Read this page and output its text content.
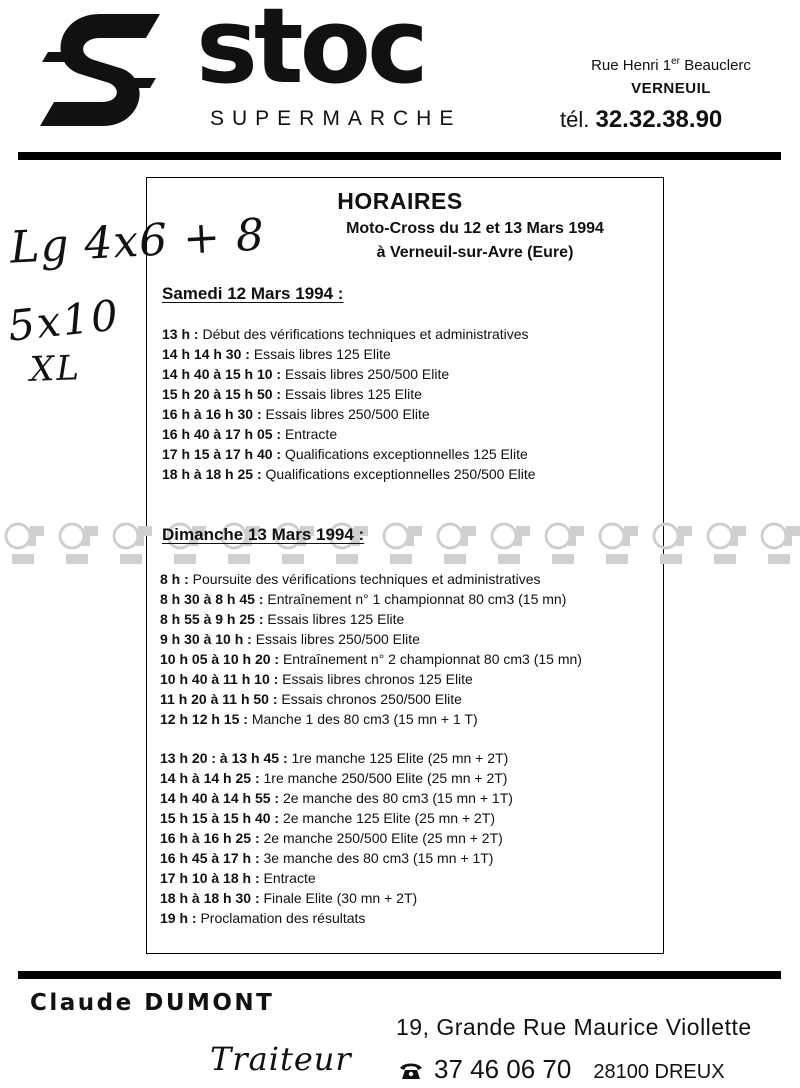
stoc
SUPERMARCHE
Rue Henri 1er Beauclerc
VERNEUIL
tél. 32.32.38.90
Lg 4x6 + 8
5x10
XL
HORAIRES
Moto-Cross du 12 et 13 Mars 1994
à Verneuil-sur-Avre (Eure)
Samedi 12 Mars 1994 :
13 h : Début des vérifications techniques et administratives
14 h 14 h 30 : Essais libres 125 Elite
14 h 40 à 15 h 10 : Essais libres 250/500 Elite
15 h 20 à 15 h 50 : Essais libres 125 Elite
16 h à 16 h 30 : Essais libres 250/500 Elite
16 h 40 à 17 h 05 : Entracte
17 h 15 à 17 h 40 : Qualifications exceptionnelles 125 Elite
18 h à 18 h 25 : Qualifications exceptionnelles 250/500 Elite
Dimanche 13 Mars 1994 :
8 h : Poursuite des vérifications techniques et administratives
8 h 30 à 8 h 45 : Entraînement n° 1 championnat 80 cm3 (15 mn)
8 h 55 à 9 h 25 : Essais libres 125 Elite
9 h 30 à 10 h : Essais libres 250/500 Elite
10 h 05 à 10 h 20 : Entraînement n° 2 championnat 80 cm3 (15 mn)
10 h 40 à 11 h 10 : Essais libres chronos 125 Elite
11 h 20 à 11 h 50 : Essais chronos 250/500 Elite
12 h 12 h 15 : Manche 1 des 80 cm3 (15 mn + 1 T)
13 h 20 : à 13 h 45 : 1re manche 125 Elite (25 mn + 2T)
14 h à 14 h 25 : 1re manche 250/500 Elite (25 mn + 2T)
14 h 40 à 14 h 55 : 2e manche des 80 cm3 (15 mn + 1T)
15 h 15 à 15 h 40 : 2e manche 125 Elite (25 mn + 2T)
16 h à 16 h 25 : 2e manche 250/500 Elite (25 mn + 2T)
16 h 45 à 17 h : 3e manche des 80 cm3 (15 mn + 1T)
17 h 10 à 18 h : Entracte
18 h à 18 h 30 : Finale Elite (30 mn + 2T)
19 h : Proclamation des résultats
Claude DUMONT
Traiteur
19, Grande Rue Maurice Viollette
37 46 06 70 28100 DREUX
